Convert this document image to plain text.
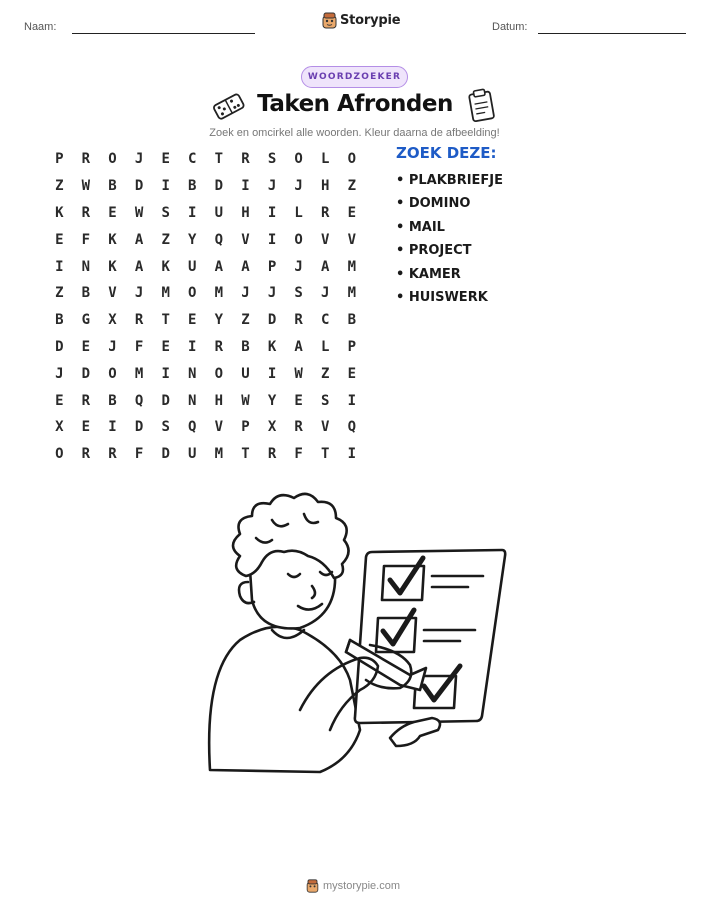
Naam:	Storypie	Datum:
WOORDZOEKER
Taken Afronden
Zoek en omcirkel alle woorden. Kleur daarna de afbeelding!
P	R	O	J	E	C	T	R	S	O	L	O
Z	W	B	D	I	B	D	I	J	J	H	Z
K	R	E	W	S	I	U	H	I	L	R	E
E	F	K	A	Z	Y	Q	V	I	O	V	V
I	N	K	A	K	U	A	A	P	J	A	M
Z	B	V	J	M	O	M	J	J	S	J	M
B	G	X	R	T	E	Y	Z	D	R	C	B
D	E	J	F	E	I	R	B	K	A	L	P
J	D	O	M	I	N	O	U	I	W	Z	E
E	R	B	Q	D	N	H	W	Y	E	S	I
X	E	I	D	S	Q	V	P	X	R	V	Q
O	R	R	F	D	U	M	T	R	F	T	I
ZOEK DEZE:
• PLAKBRIEFJE
• DOMINO
• MAIL
• PROJECT
• KAMER
• HUISWERK
mystorypie.com
